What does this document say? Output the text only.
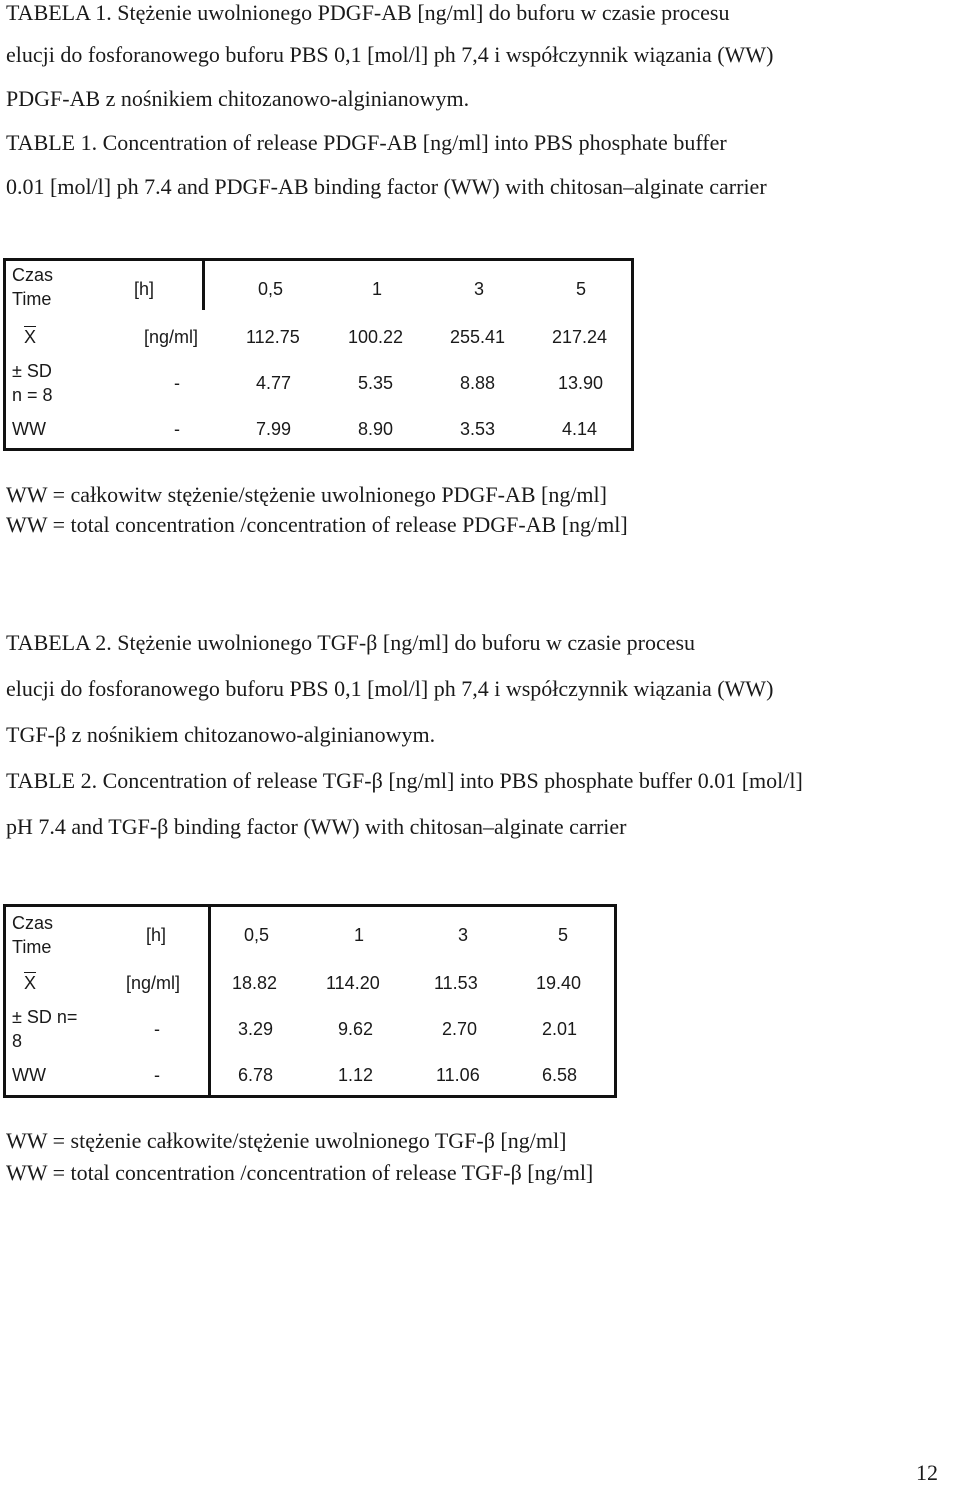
TABELA 1. Stężenie uwolnionego PDGF-AB [ng/ml] do buforu w czasie procesu
elucji do fosforanowego buforu PBS 0,1 [mol/l] ph 7,4 i współczynnik wiązania (WW)
PDGF-AB z nośnikiem chitozanowo-alginianowym.
TABLE 1. Concentration of release PDGF-AB [ng/ml] into PBS phosphate buffer
0.01 [mol/l] ph 7.4 and PDGF-AB binding factor (WW) with chitosan–alginate carrier
Czas
Time	[h]	0,5	1	3	5
$\overline{X}$	[ng/ml]	112.75	100.22	255.41	217.24
± SD
n = 8
-	4.77	5.35	8.88	13.90
WW	-	7.99	8.90	3.53	4.14
WW = całkowitw stężenie/stężenie uwolnionego PDGF-AB [ng/ml]
WW = total concentration /concentration of release PDGF-AB [ng/ml]
TABELA 2. Stężenie uwolnionego TGF-β [ng/ml] do buforu w czasie procesu
elucji do fosforanowego buforu PBS 0,1 [mol/l] ph 7,4 i współczynnik wiązania (WW)
TGF-β z nośnikiem chitozanowo-alginianowym.
TABLE 2. Concentration of release TGF-β [ng/ml] into PBS phosphate buffer 0.01 [mol/l]
pH 7.4 and TGF-β binding factor (WW) with chitosan–alginate carrier
Czas
Time
[h]	0,5	1	3	5
$\overline{X}$	[ng/ml]	18.82	114.20	11.53	19.40
± SD n=
8
-	3.29	9.62	2.70	2.01
WW	-	6.78	1.12	11.06	6.58
WW = stężenie całkowite/stężenie uwolnionego TGF-β [ng/ml]
WW = total concentration /concentration of release TGF-β [ng/ml]
12
